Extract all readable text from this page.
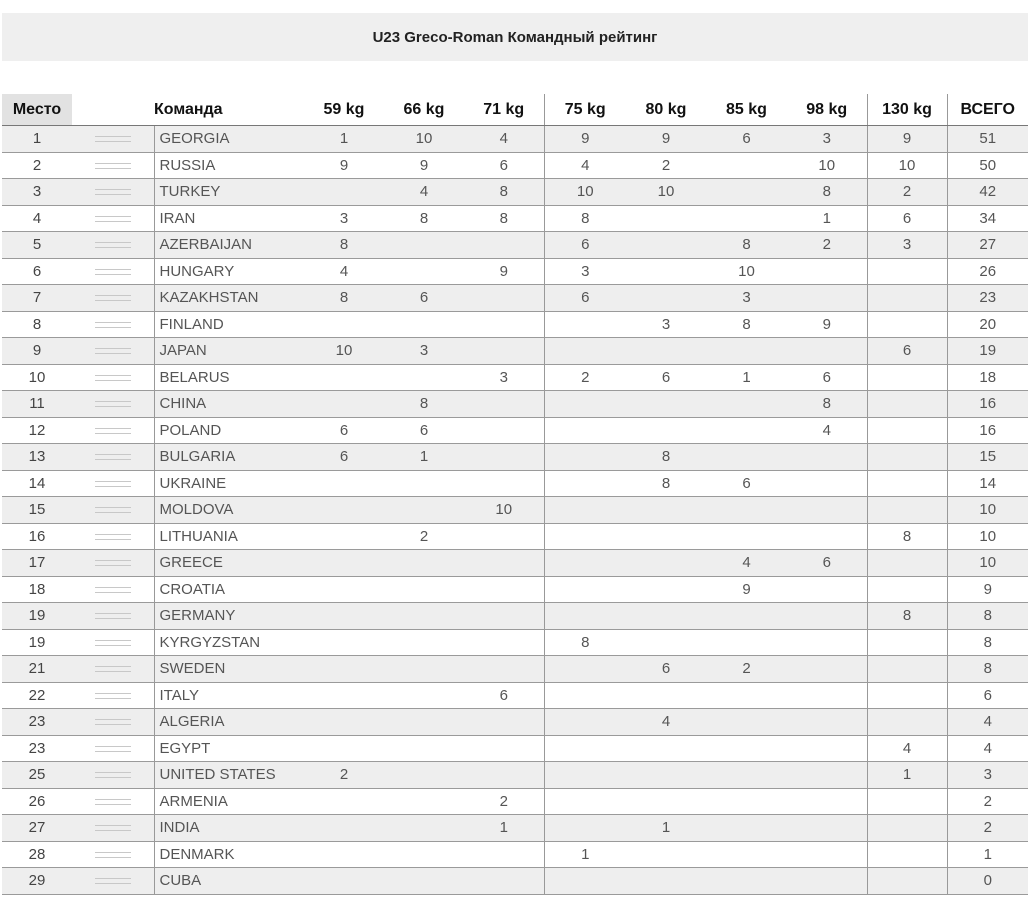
U23 Greco-Roman Командный рейтинг
Место		Команда	59 kg	66 kg	71 kg	75 kg	80 kg	85 kg	98 kg	130 kg	ВСЕГО
1		GEORGIA	1	10	4	9	9	6	3	9	51
2		RUSSIA	9	9	6	4	2		10	10	50
3		TURKEY		4	8	10	10		8	2	42
4		IRAN	3	8	8	8			1	6	34
5		AZERBAIJAN	8			6		8	2	3	27
6		HUNGARY	4		9	3		10			26
7		KAZAKHSTAN	8	6		6		3			23
8		FINLAND					3	8	9		20
9		JAPAN	10	3						6	19
10		BELARUS			3	2	6	1	6		18
11		CHINA		8					8		16
12		POLAND	6	6					4		16
13		BULGARIA	6	1			8				15
14		UKRAINE					8	6			14
15		MOLDOVA			10						10
16		LITHUANIA		2						8	10
17		GREECE						4	6		10
18		CROATIA						9			9
19		GERMANY								8	8
19		KYRGYZSTAN				8					8
21		SWEDEN					6	2			8
22		ITALY			6						6
23		ALGERIA					4				4
23		EGYPT								4	4
25		UNITED STATES	2							1	3
26		ARMENIA			2						2
27		INDIA			1		1				2
28		DENMARK				1					1
29		CUBA									0
